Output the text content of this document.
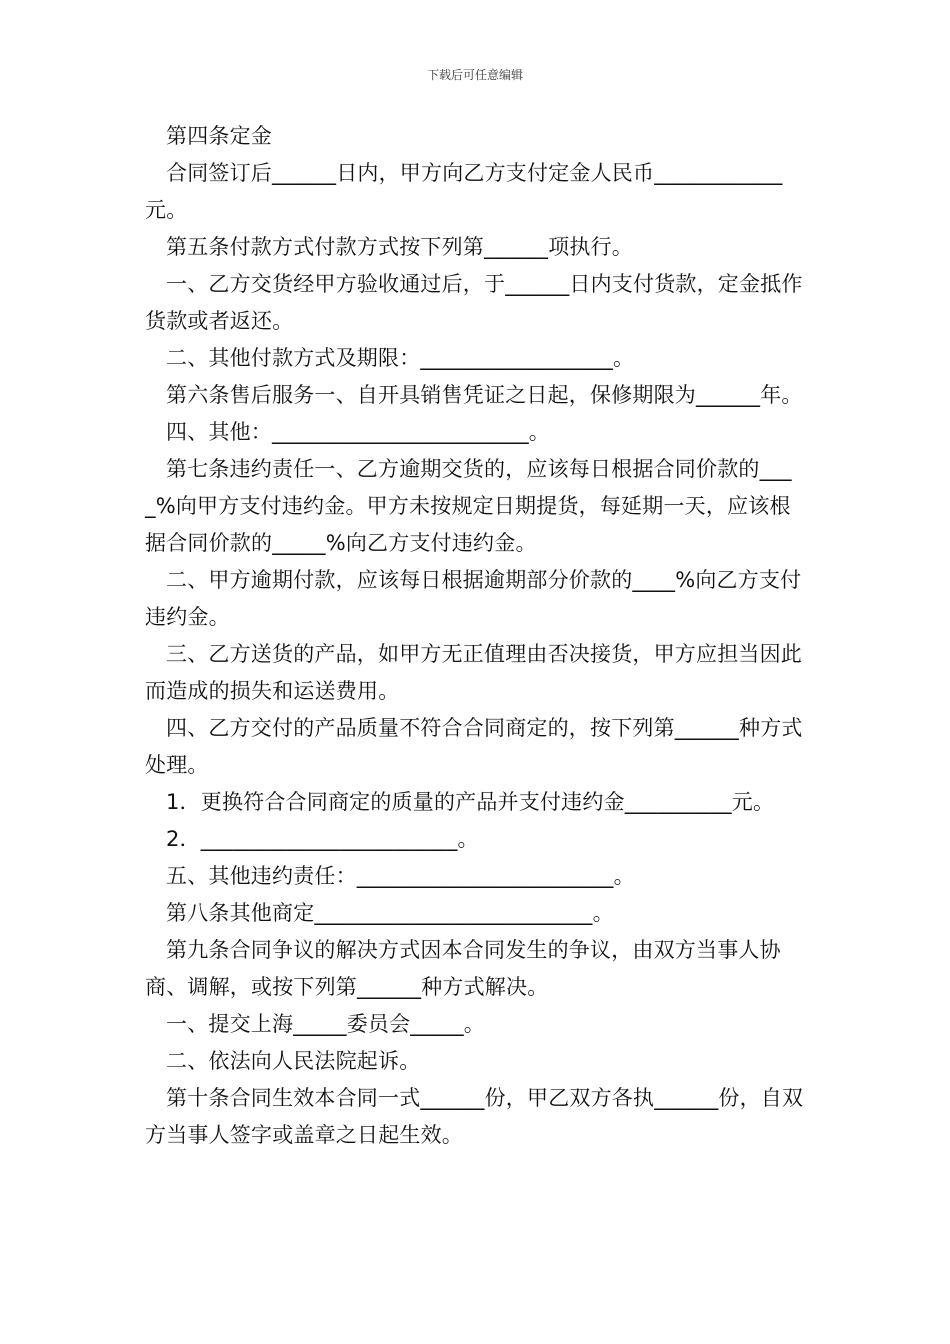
下载后可任意编辑

第四条定金

合同签订后______日内，甲方向乙方支付定金人民币____________元。

第五条付款方式付款方式按下列第______项执行。

一、乙方交货经甲方验收通过后，于______日内支付货款，定金抵作货款或者返还。

二、其他付款方式及期限：__________________。

第六条售后服务一、自开具销售凭证之日起，保修期限为______年。

四、其他：________________________。

第七条违约责任一、乙方逾期交货的，应该每日根据合同价款的____%向甲方支付违约金。甲方未按规定日期提货，每延期一天，应该根据合同价款的_____%向乙方支付违约金。

二、甲方逾期付款，应该每日根据逾期部分价款的____%向乙方支付违约金。

三、乙方送货的产品，如甲方无正值理由否决接货，甲方应担当因此而造成的损失和运送费用。

四、乙方交付的产品质量不符合合同商定的，按下列第______种方式处理。

1．更换符合合同商定的质量的产品并支付违约金__________元。

2．________________________。

五、其他违约责任：________________________。

第八条其他商定__________________________。

第九条合同争议的解决方式因本合同发生的争议，由双方当事人协商、调解，或按下列第______种方式解决。

一、提交上海_____委员会_____。

二、依法向人民法院起诉。

第十条合同生效本合同一式______份，甲乙双方各执______份，自双方当事人签字或盖章之日起生效。
